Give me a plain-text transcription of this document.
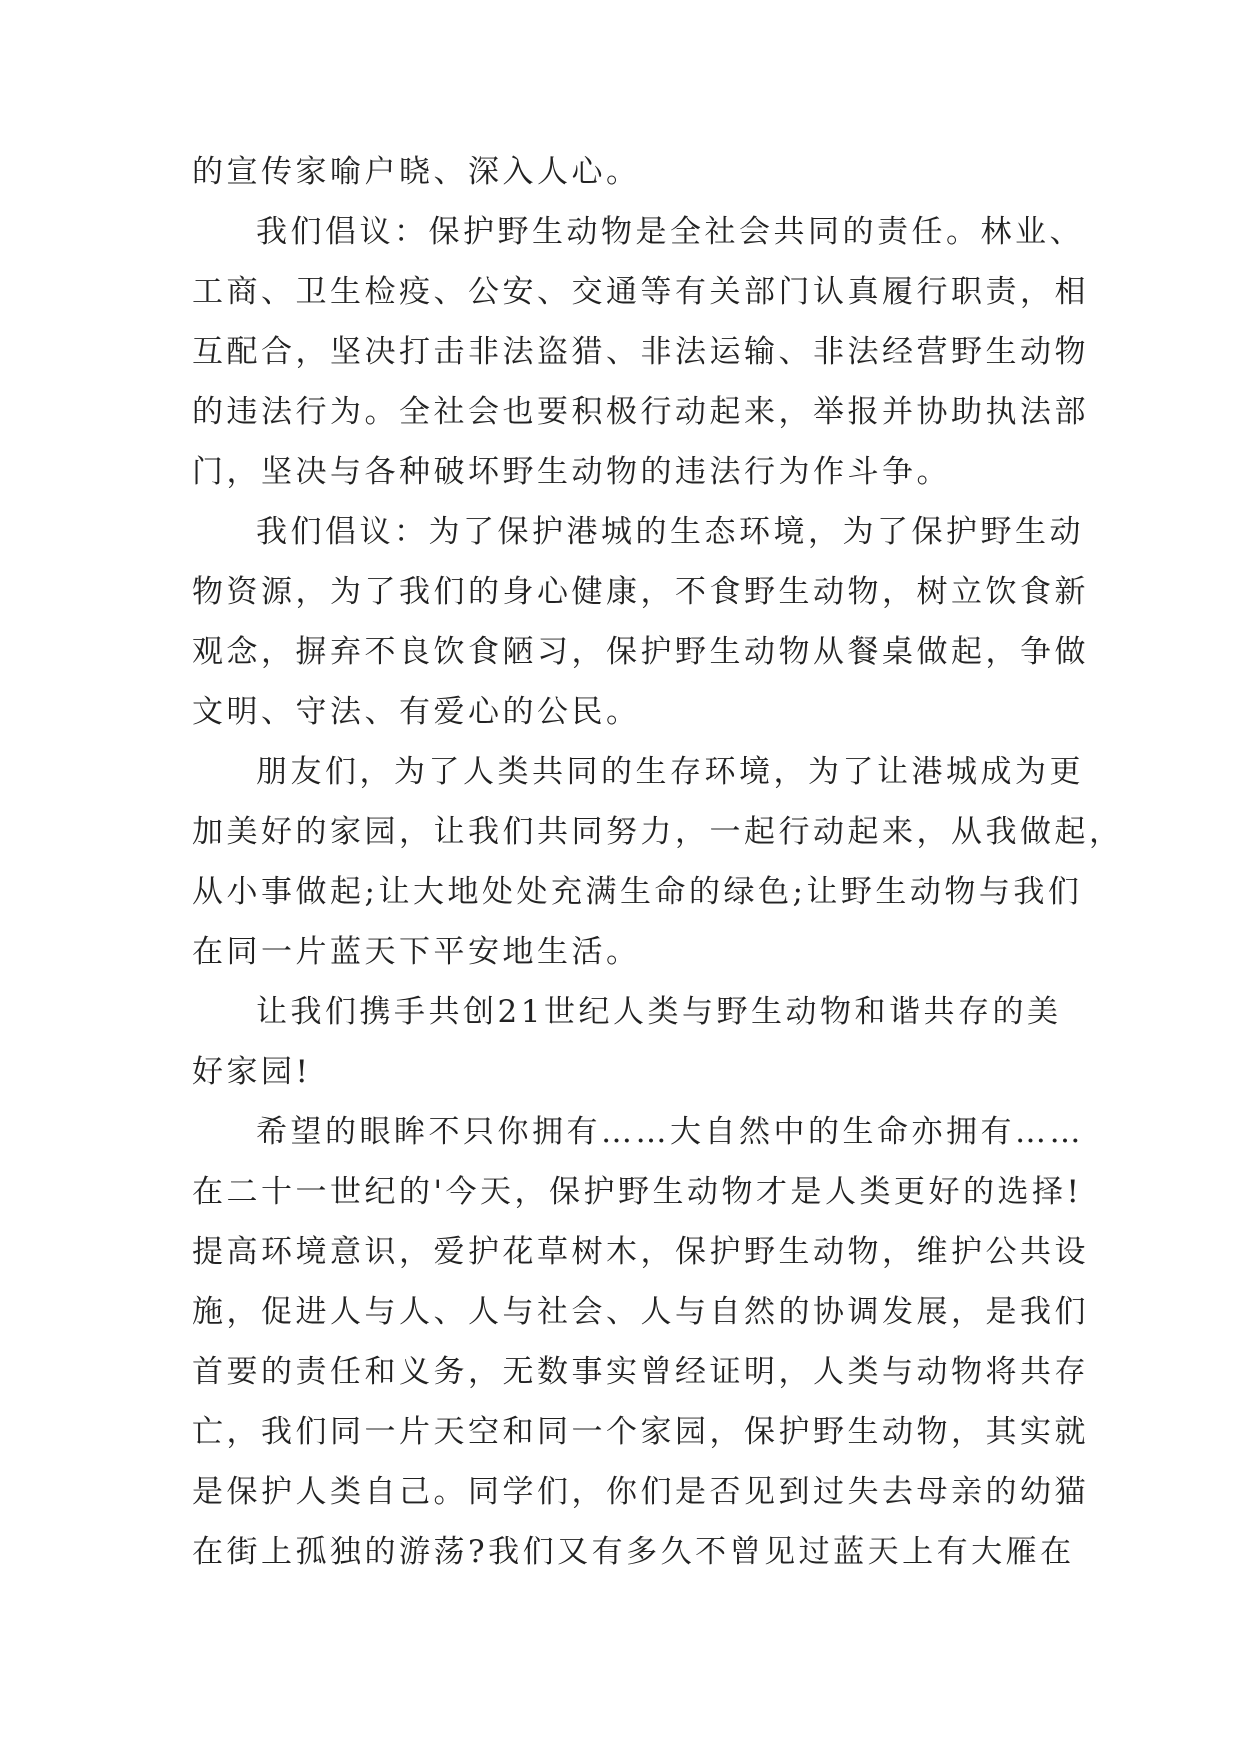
的宣传家喻户晓、深入人心。
我们倡议：保护野生动物是全社会共同的责任。林业、
工商、卫生检疫、公安、交通等有关部门认真履行职责，相
互配合，坚决打击非法盗猎、非法运输、非法经营野生动物
的违法行为。全社会也要积极行动起来，举报并协助执法部
门，坚决与各种破坏野生动物的违法行为作斗争。
我们倡议：为了保护港城的生态环境，为了保护野生动
物资源，为了我们的身心健康，不食野生动物，树立饮食新
观念，摒弃不良饮食陋习，保护野生动物从餐桌做起，争做
文明、守法、有爱心的公民。
朋友们，为了人类共同的生存环境，为了让港城成为更
加美好的家园，让我们共同努力，一起行动起来，从我做起，
从小事做起;让大地处处充满生命的绿色;让野生动物与我们
在同一片蓝天下平安地生活。
让我们携手共创21世纪人类与野生动物和谐共存的美
好家园!
希望的眼眸不只你拥有……大自然中的生命亦拥有……
在二十一世纪的'今天，保护野生动物才是人类更好的选择!
提高环境意识，爱护花草树木，保护野生动物，维护公共设
施，促进人与人、人与社会、人与自然的协调发展，是我们
首要的责任和义务，无数事实曾经证明，人类与动物将共存
亡，我们同一片天空和同一个家园，保护野生动物，其实就
是保护人类自己。同学们，你们是否见到过失去母亲的幼猫
在街上孤独的游荡?我们又有多久不曾见过蓝天上有大雁在
